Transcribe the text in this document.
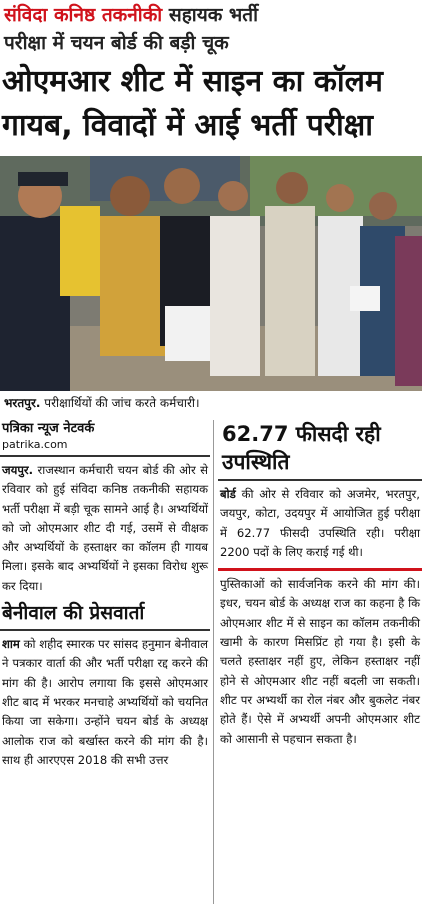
संविदा कनिष्ठ तकनीकी सहायक भर्ती
परीक्षा में चयन बोर्ड की बड़ी चूक
ओएमआर शीट में साइन का कॉलम गायब, विवादों में आई भर्ती परीक्षा
भरतपुर. परीक्षार्थियों की जांच करते कर्मचारी।
पत्रिका न्यूज नेटवर्क
patrika.com

जयपुर. राजस्थान कर्मचारी चयन बोर्ड की ओर से रविवार को हुई संविदा कनिष्ठ तकनीकी सहायक भर्ती परीक्षा में बड़ी चूक सामने आई है। अभ्यर्थियों को जो ओएमआर शीट दी गई, उसमें से वीक्षक और अभ्यर्थियों के हस्ताक्षर का कॉलम ही गायब मिला। इसके बाद अभ्यर्थियों ने इसका विरोध शुरू कर दिया।

बेनीवाल की प्रेसवार्ता

शाम को शहीद स्मारक पर सांसद हनुमान बेनीवाल ने पत्रकार वार्ता की और भर्ती परीक्षा रद्द करने की मांग की है। आरोप लगाया कि इससे ओएमआर शीट बाद में भरकर मनचाहे अभ्यर्थियों को चयनित किया जा सकेगा। उन्होंने चयन बोर्ड के अध्यक्ष आलोक राज को बर्खास्त करने की मांग की है। साथ ही आरएएस 2018 की सभी उत्तर

62.77 फीसदी रही उपस्थिति

बोर्ड की ओर से रविवार को अजमेर, भरतपुर, जयपुर, कोटा, उदयपुर में आयोजित हुई परीक्षा में 62.77 फीसदी उपस्थिति रही। परीक्षा 2200 पदों के लिए कराई गई थी।

पुस्तिकाओं को सार्वजनिक करने की मांग की। इधर, चयन बोर्ड के अध्यक्ष राज का कहना है कि ओएमआर शीट में से साइन का कॉलम तकनीकी खामी के कारण मिसप्रिंट हो गया है। इसी के चलते हस्ताक्षर नहीं हुए, लेकिन हस्ताक्षर नहीं होने से ओएमआर शीट नहीं बदली जा सकती। शीट पर अभ्यर्थी का रोल नंबर और बुकलेट नंबर होते हैं। ऐसे में अभ्यर्थी अपनी ओएमआर शीट को आसानी से पहचान सकता है।
